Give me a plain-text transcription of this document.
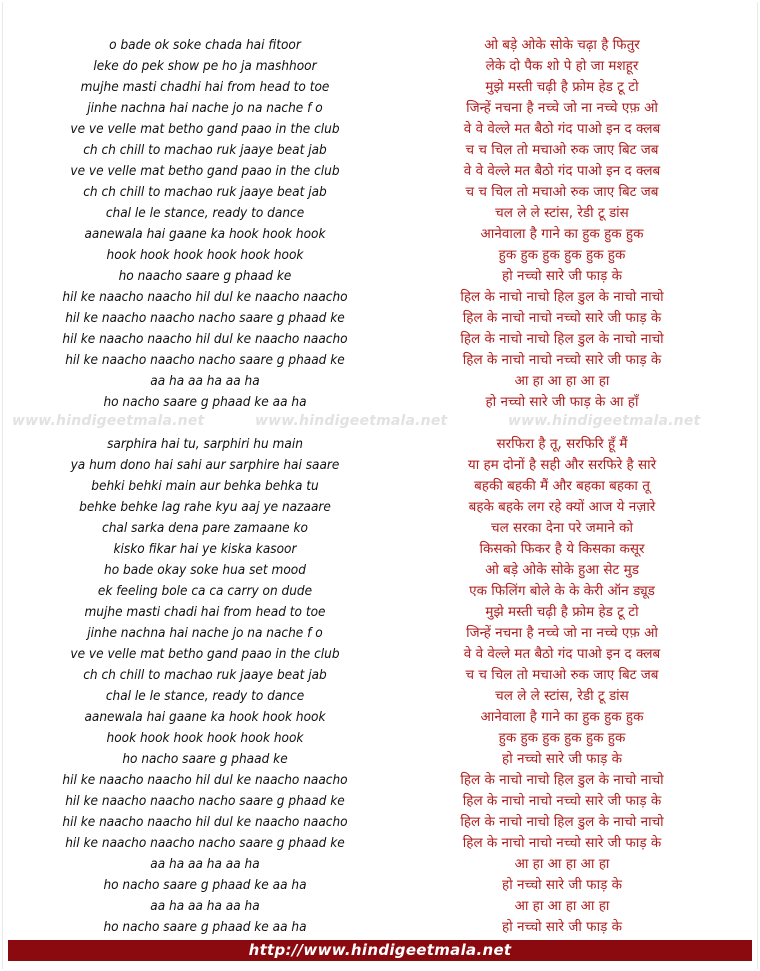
o bade ok soke chada hai fitoor
leke do pek show pe ho ja mashhoor
mujhe masti chadhi hai from head to toe
jinhe nachna hai nache jo na nache f o
ve ve velle mat betho gand paao in the club
ch ch chill to machao ruk jaaye beat jab
ve ve velle mat betho gand paao in the club
ch ch chill to machao ruk jaaye beat jab
chal le le stance, ready to dance
aanewala hai gaane ka hook hook hook
hook hook hook hook hook hook
ho naacho saare g phaad ke
hil ke naacho naacho hil dul ke naacho naacho
hil ke naacho naacho nacho saare g phaad ke
hil ke naacho naacho hil dul ke naacho naacho
hil ke naacho naacho nacho saare g phaad ke
aa ha aa ha aa ha
ho nacho saare g phaad ke aa ha
sarphira hai tu, sarphiri hu main
ya hum dono hai sahi aur sarphire hai saare
behki behki main aur behka behka tu
behke behke lag rahe kyu aaj ye nazaare
chal sarka dena pare zamaane ko
kisko fikar hai ye kiska kasoor
ho bade okay soke hua set mood
ek feeling bole ca ca carry on dude
mujhe masti chadi hai from head to toe
jinhe nachna hai nache jo na nache f o
ve ve velle mat betho gand paao in the club
ch ch chill to machao ruk jaaye beat jab
chal le le stance, ready to dance
aanewala hai gaane ka hook hook hook
hook hook hook hook hook hook
ho nacho saare g phaad ke
hil ke naacho naacho hil dul ke naacho naacho
hil ke naacho naacho nacho saare g phaad ke
hil ke naacho naacho hil dul ke naacho naacho
hil ke naacho naacho nacho saare g phaad ke
aa ha aa ha aa ha
ho nacho saare g phaad ke aa ha
aa ha aa ha aa ha
ho nacho saare g phaad ke aa ha
ओ बड़े ओके सोके चढ़ा है फितुर
लेके दो पैक शो पे हो जा मशहूर
मुझे मस्ती चढ़ी है फ्रोम हेड टू टो
जिन्हें नचना है नच्चे जो ना नच्चे एफ़ ओ
वे वे वेल्ले मत बैठो गंद पाओ इन द क्लब
च च चिल तो मचाओ रुक जाए बिट जब
वे वे वेल्ले मत बैठो गंद पाओ इन द क्लब
च च चिल तो मचाओ रुक जाए बिट जब
चल ले ले स्टांस, रेडी टू डांस
आनेवाला है गाने का हुक हुक हुक
हुक हुक हुक हुक हुक हुक
हो नच्चो सारे जी फाड़ के
हिल के नाचो नाचो हिल डुल के नाचो नाचो
हिल के नाचो नाचो नच्चो सारे जी फाड़ के
हिल के नाचो नाचो हिल डुल के नाचो नाचो
हिल के नाचो नाचो नच्चो सारे जी फाड़ के
आ हा आ हा आ हा
हो नच्चो सारे जी फाड़ के आ हाँ
सरफिरा है तू, सरफिरि हूँ मैं
या हम दोनों है सही और सरफिरे है सारे
बहकी बहकी मैं और बहका बहका तू
बहके बहके लग रहे क्यों आज ये नज़ारे
चल सरका देना परे जमाने को
किसको फिकर है ये किसका कसूर
ओ बड़े ओके सोके हुआ सेट मुड
एक फिलिंग बोले के के केरी ऑन ड्यूड
मुझे मस्ती चढ़ी है फ्रोम हेड टू टो
जिन्हें नचना है नच्चे जो ना नच्चे एफ़ ओ
वे वे वेल्ले मत बैठो गंद पाओ इन द क्लब
च च चिल तो मचाओ रुक जाए बिट जब
चल ले ले स्टांस, रेडी टू डांस
आनेवाला है गाने का हुक हुक हुक
हुक हुक हुक हुक हुक हुक
हो नच्चो सारे जी फाड़ के
हिल के नाचो नाचो हिल डुल के नाचो नाचो
हिल के नाचो नाचो नच्चो सारे जी फाड़ के
हिल के नाचो नाचो हिल डुल के नाचो नाचो
हिल के नाचो नाचो नच्चो सारे जी फाड़ के
आ हा आ हा आ हा
हो नच्चो सारे जी फाड़ के
आ हा आ हा आ हा
हो नच्चो सारे जी फाड़ के
www.hindigeetmala.net	www.hindigeetmala.net	www.hindigeetmala.net
http://www.hindigeetmala.net
